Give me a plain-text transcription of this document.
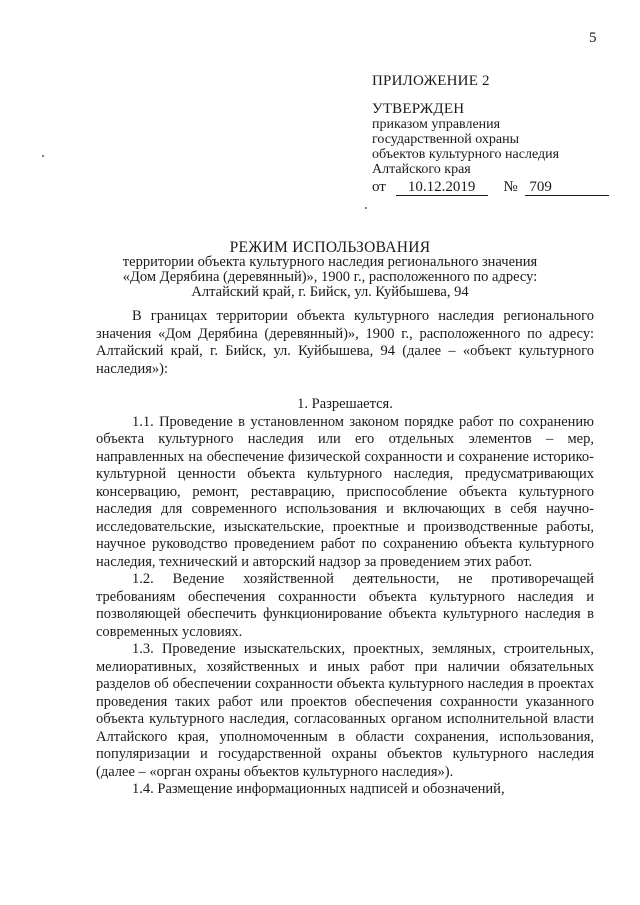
5
ПРИЛОЖЕНИЕ 2
УТВЕРЖДЕН
приказом управления
государственной охраны
объектов культурного наследия
Алтайского края
от 10.12.2019 № 709
РЕЖИМ ИСПОЛЬЗОВАНИЯ
территории объекта культурного наследия регионального значения
«Дом Дерябина (деревянный)», 1900 г., расположенного по адресу:
Алтайский край, г. Бийск, ул. Куйбышева, 94

В границах территории объекта культурного наследия регионального значения «Дом Дерябина (деревянный)», 1900 г., расположенного по адресу: Алтайский край, г. Бийск, ул. Куйбышева, 94 (далее – «объект культурного наследия»):

1. Разрешается.

1.1. Проведение в установленном законом порядке работ по сохранению объекта культурного наследия или его отдельных элементов – мер, направленных на обеспечение физической сохранности и сохранение историко-культурной ценности объекта культурного наследия, предусматривающих консервацию, ремонт, реставрацию, приспособление объекта культурного наследия для современного использования и включающих в себя научно-исследовательские, изыскательские, проектные и производственные работы, научное руководство проведением работ по сохранению объекта культурного наследия, технический и авторский надзор за проведением этих работ.

1.2. Ведение хозяйственной деятельности, не противоречащей требованиям обеспечения сохранности объекта культурного наследия и позволяющей обеспечить функционирование объекта культурного наследия в современных условиях.

1.3. Проведение изыскательских, проектных, земляных, строительных, мелиоративных, хозяйственных и иных работ при наличии обязательных разделов об обеспечении сохранности объекта культурного наследия в проектах проведения таких работ или проектов обеспечения сохранности указанного объекта культурного наследия, согласованных органом исполнительной власти Алтайского края, уполномоченным в области сохранения, использования, популяризации и государственной охраны объектов культурного наследия (далее – «орган охраны объектов культурного наследия»).

1.4. Размещение информационных надписей и обозначений,
